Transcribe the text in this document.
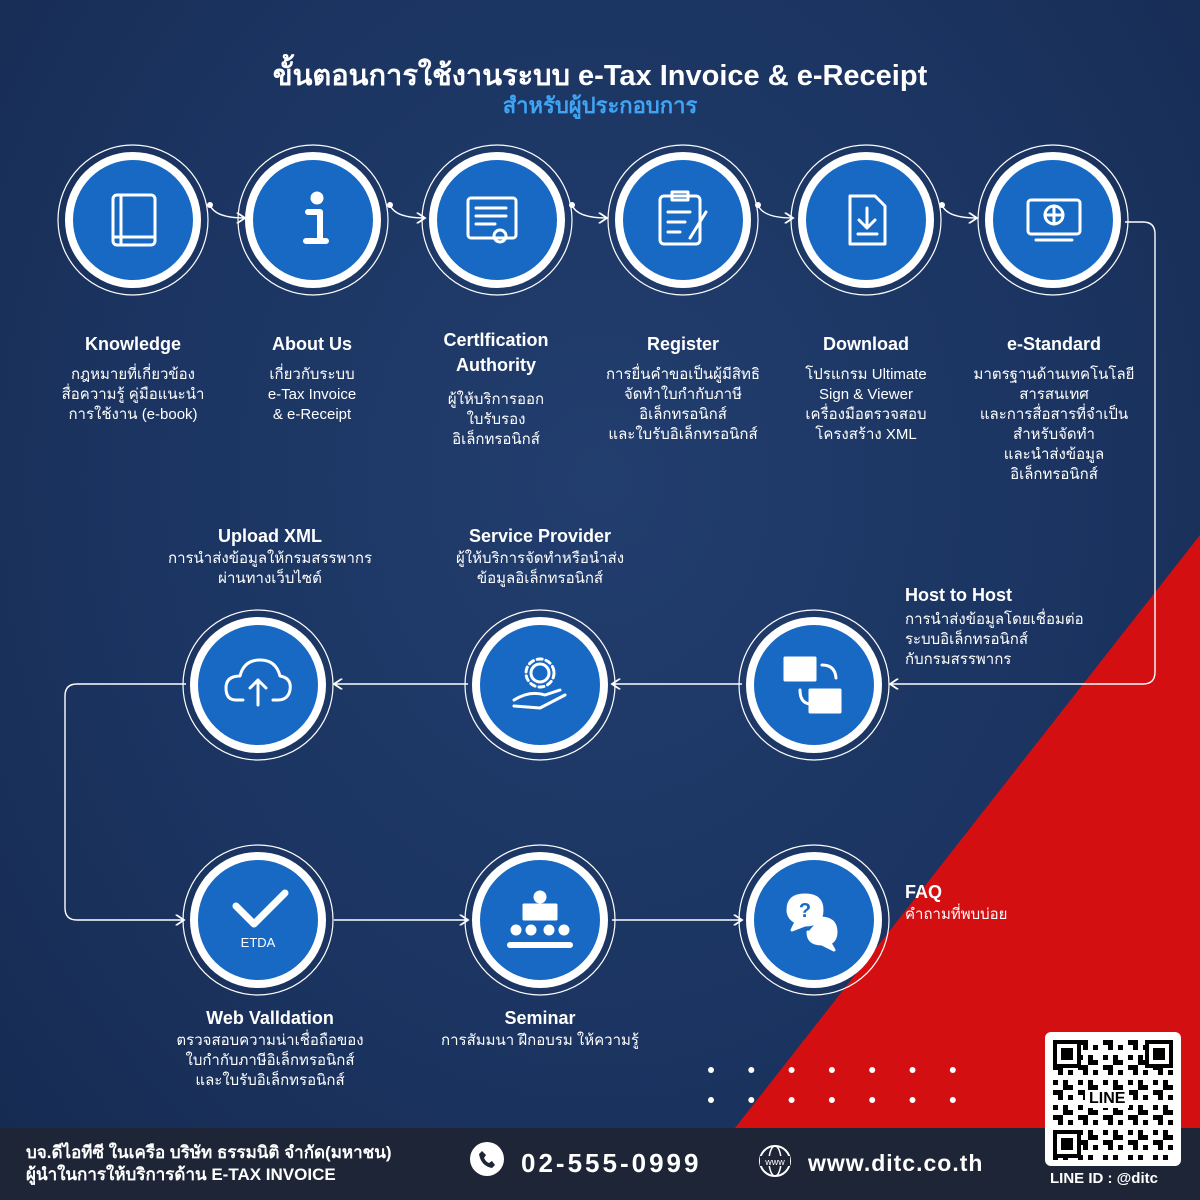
ขั้นตอนการใช้งานระบบ e-Tax Invoice & e-Receipt
สำหรับผู้ประกอบการ
?
ETDA
Knowledge
กฎหมายที่เกี่ยวข้อง
สื่อความรู้ คู่มือแนะนำ
การใช้งาน (e-book)
About Us
เกี่ยวกับระบบ
e-Tax Invoice
& e-Receipt
Certlfication
Authority
ผู้ให้บริการออก
ใบรับรอง
อิเล็กทรอนิกส์
Register
การยื่นคำขอเป็นผู้มีสิทธิ
จัดทำใบกำกับภาษี
อิเล็กทรอนิกส์
และใบรับอิเล็กทรอนิกส์
Download
โปรแกรม Ultimate
Sign & Viewer
เครื่องมือตรวจสอบ
โครงสร้าง XML
e-Standard
มาตรฐานด้านเทคโนโลยี
สารสนเทศ
และการสื่อสารที่จำเป็น
สำหรับจัดทำ
และนำส่งข้อมูล
อิเล็กทรอนิกส์
Host to Host
การนำส่งข้อมูลโดยเชื่อมต่อ
ระบบอิเล็กทรอนิกส์
กับกรมสรรพากร
Service Provider
ผู้ให้บริการจัดทำหรือนำส่ง
ข้อมูลอิเล็กทรอนิกส์
Upload XML
การนำส่งข้อมูลให้กรมสรรพากร
ผ่านทางเว็บไซต์
Web Valldation
ตรวจสอบความน่าเชื่อถือของ
ใบกำกับภาษีอิเล็กทรอนิกส์
และใบรับอิเล็กทรอนิกส์
Seminar
การสัมมนา ฝึกอบรม ให้ความรู้
FAQ
คำถามที่พบบ่อย
บจ.ดีไอทีซี ในเครือ บริษัท ธรรมนิติ จำกัด(มหาชน)
ผู้นำในการให้บริการด้าน E-TAX INVOICE	02-555-0999	www www.ditc.co.th
LINE
LINE ID : @ditc
